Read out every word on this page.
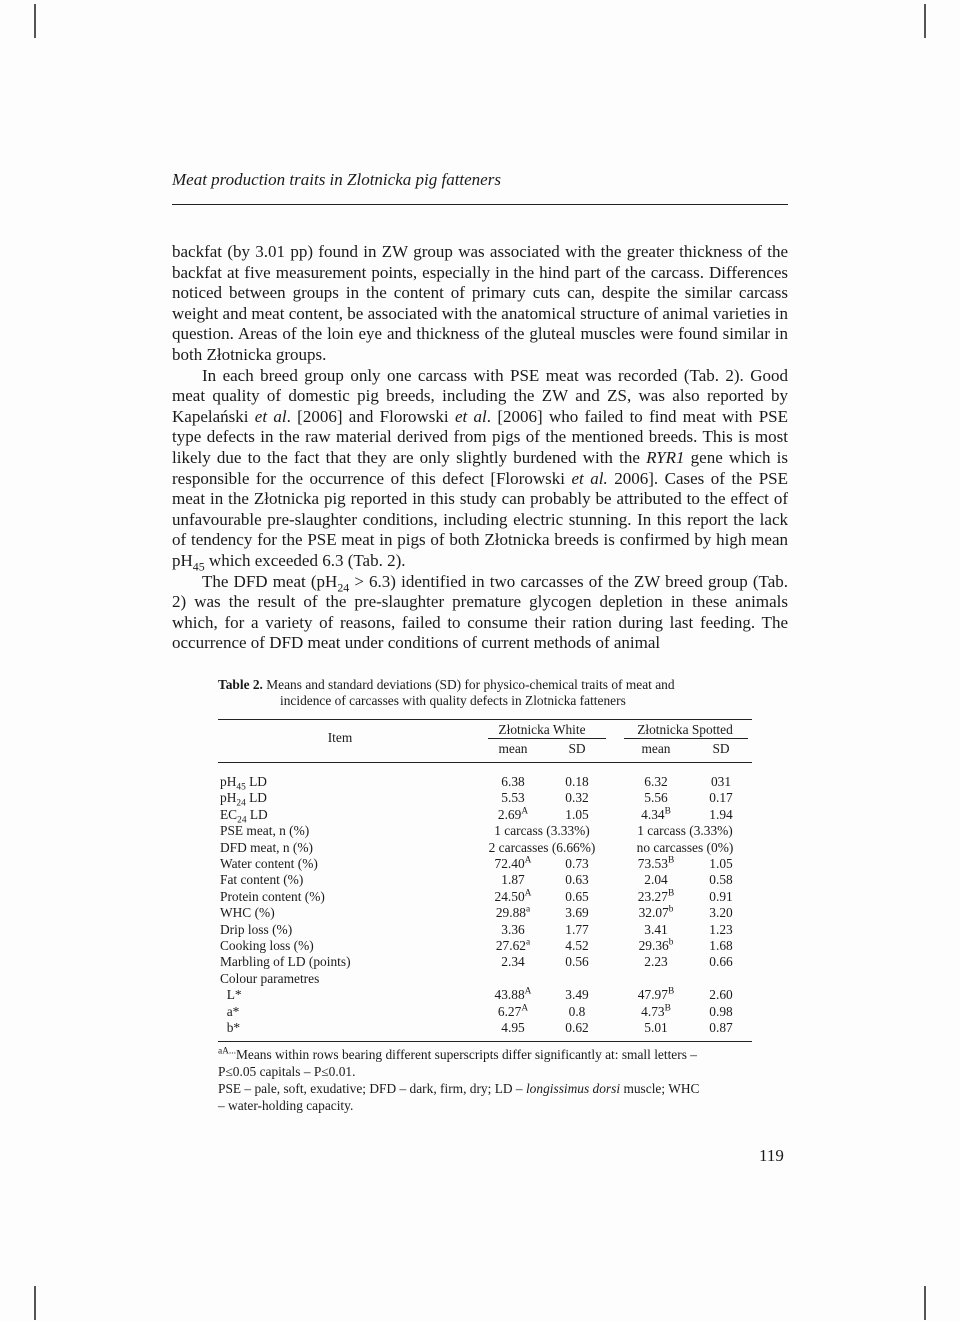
Meat production traits in Zlotnicka pig fatteners

backfat (by 3.01 pp) found in ZW group was associated with the greater thickness of the backfat at five measurement points, especially in the hind part of the carcass. Differences noticed between groups in the content of primary cuts can, despite the similar carcass weight and meat content, be associated with the anatomical structure of animal varieties in question. Areas of the loin eye and thickness of the gluteal muscles were found similar in both Złotnicka groups.

In each breed group only one carcass with PSE meat was recorded (Tab. 2). Good meat quality of domestic pig breeds, including the ZW and ZS, was also reported by Kapelański et al. [2006] and Florowski et al. [2006] who failed to find meat with PSE type defects in the raw material derived from pigs of the mentioned breeds. This is most likely due to the fact that they are only slightly burdened with the RYR1 gene which is responsible for the occurrence of this defect [Florowski et al. 2006]. Cases of the PSE meat in the Złotnicka pig reported in this study can probably be attributed to the effect of unfavourable pre-slaughter conditions, including electric stunning. In this report the lack of tendency for the PSE meat in pigs of both Złotnicka breeds is confirmed by high mean $pH_{45}$ which exceeded 6.3 (Tab. 2).

The DFD meat $(pH_{24} > 6.3)$ identified in two carcasses of the ZW breed group (Tab. 2) was the result of the pre-slaughter premature glycogen depletion in these animals which, for a variety of reasons, failed to consume their ration during last feeding. The occurrence of DFD meat under conditions of current methods of animal

Table 2. Means and standard deviations (SD) for physico-chemical traits of meat and
incidence of carcasses with quality defects in Zlotnicka fatteners
Item
Złotnicka White	Złotnicka Spotted
mean	SD	mean	SD
$pH_{45}$ LD	6.38	0.18	6.32	031
$pH_{24}$ LD	5.53	0.32	5.56	0.17
$EC_{24}$ LD	$2.69^A$	1.05	$4.34^B$	1.94
PSE meat, n (%)	1 carcass (3.33%)	1 carcass (3.33%)
DFD meat, n (%)	2 carcasses (6.66%)	no carcasses (0%)
Water content (%)	$72.40^A$	0.73	$73.53^B$	1.05
Fat content (%)	1.87	0.63	2.04	0.58
Protein content (%)	$24.50^A$	0.65	$23.27^B$	0.91
WHC (%)	29.88$^a$	3.69	32.07$^b$	3.20
Drip loss (%)	3.36	1.77	3.41	1.23
Cooking loss (%)	27.62$^a$	4.52	29.36$^b$	1.68
Marbling of LD (points)	2.34	0.56	2.23	0.66
Colour parametres
L*	$43.88^A$	3.49	$47.97^B$	2.60
a*	$6.27^A$	0.8	$4.73^B$	0.98
b*	4.95	0.62	5.01	0.87

$^{aA...}$Means within rows bearing different superscripts differ significantly at: small letters –

P≤0.05 capitals – P≤0.01.

PSE – pale, soft, exudative; DFD – dark, firm, dry; LD – longissimus dorsi muscle; WHC

– water-holding capacity.

119
